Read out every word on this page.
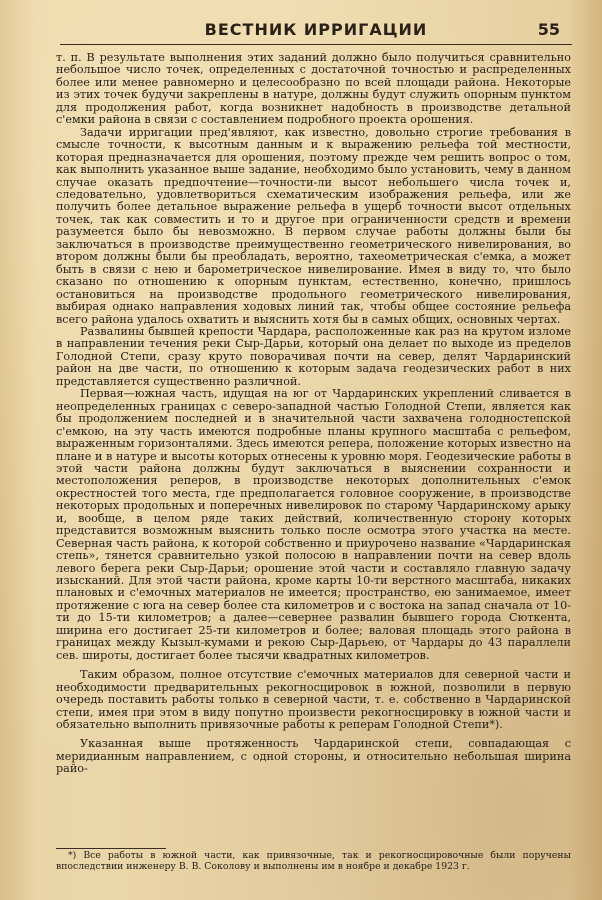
ВЕСТНИК ИРРИГАЦИИ	55

т. п. В результате выполнения этих заданий должно было получиться сравнительно небольшое число точек, определенных с достаточной точностью и распределенных более или менее равномерно и целесообразно по всей площади района. Некоторые из этих точек будучи закреплены в натуре, должны будут служить опорным пунктом для продолжения работ, когда возникнет надобность в производстве детальной с'емки района в связи с составлением подробного проекта орошения.

Задачи ирригации пред'являют, как известно, довольно строгие требования в смысле точности, к высотным данным и к выражению рельефа той местности, которая предназначается для орошения, поэтому прежде чем решить вопрос о том, как выполнить указанное выше задание, необходимо было установить, чему в данном случае оказать предпочтение—точности-ли высот небольшего числа точек и, следовательно, удовлетвориться схематическим изображения рельефа, или же получить более детальное выражение рельефа в ущерб точности высот отдельных точек, так как совместить и то и другое при ограниченности средств и времени разумеется было бы невозможно. В первом случае работы должны были бы заключаться в производстве преимущественно геометрического нивелирования, во втором должны были бы преобладать, вероятно, тахеометрическая с'емка, а может быть в связи с нею и барометрическое нивелирование. Имея в виду то, что было сказано по отношению к опорным пунктам, естественно, конечно, пришлось остановиться на производстве продольного геометрического нивелирования, выбирая однако направления ходовых линий так, чтобы общее состояние рельефа всего района удалось охватить и выяснить хотя бы в самых общих, основных чертах.

Развалины бывшей крепости Чардара, расположенные как раз на крутом изломе в направлении течения реки Сыр-Дарьи, который она делает по выходе из пределов Голодной Степи, сразу круто поворачивая почти на север, делят Чардаринский район на две части, по отношению к которым задача геодезических работ в них представляется существенно различной.

Первая—южная часть, идущая на юг от Чардаринских укреплений сливается в неопределенных границах с северо-западной частью Голодной Степи, является как бы продолжением последней и в значительной части захвачена голодностепской с'емкою, на эту часть имеются подробные планы крупного масштаба с рельефом, выраженным горизонталями. Здесь имеются репера, положение которых известно на плане и в натуре и высоты которых отнесены к уровню моря. Геодезические работы в этой части района должны будут заключаться в выяснении сохранности и местоположения реперов, в производстве некоторых дополнительных с'емок окрестностей того места, где предполагается головное сооружение, в производстве некоторых продольных и поперечных нивелировок по старому Чардаринскому арыку и, вообще, в целом ряде таких действий, количественную сторону которых представится возможным выяснить только после осмотра этого участка на месте. Северная часть района, к которой собственно и приурочено название «Чардаринская степь», тянется сравнительно узкой полосою в направлении почти на север вдоль левого берега реки Сыр-Дарьи; орошение этой части и составляло главную задачу изысканий. Для этой части района, кроме карты 10-ти верстного масштаба, никаких плановых и с'емочных материалов не имеется; пространство, ею занимаемое, имеет протяжение с юга на север более ста километров и с востока на запад сначала от 10-ти до 15-ти километров; а далее—севернее развалин бывшего города Сюткента, ширина его достигает 25-ти километров и более; валовая площадь этого района в границах между Кызыл-кумами и рекою Сыр-Дарьею, от Чардары до 43 параллели сев. широты, достигает более тысячи квадратных километров.

Таким образом, полное отсутствие с'емочных материалов для северной части и необходимости предварительных рекогносцировок в южной, позволили в первую очередь поставить работы только в северной части, т. е. собственно в Чардаринской степи, имея при этом в виду попутно произвести рекогносцировку в южной части и обязательно выполнить привязочные работы к реперам Голодной Степи*).

Указанная выше протяженность Чардаринской степи, совпадающая с меридианным направлением, с одной стороны, и относительно небольшая ширина райо-

*) Все работы в южной части, как привязочные, так и рекогносцировочные были поручены впоследствии инженеру В. В. Соколову и выполнены им в ноябре и декабре 1923 г.
